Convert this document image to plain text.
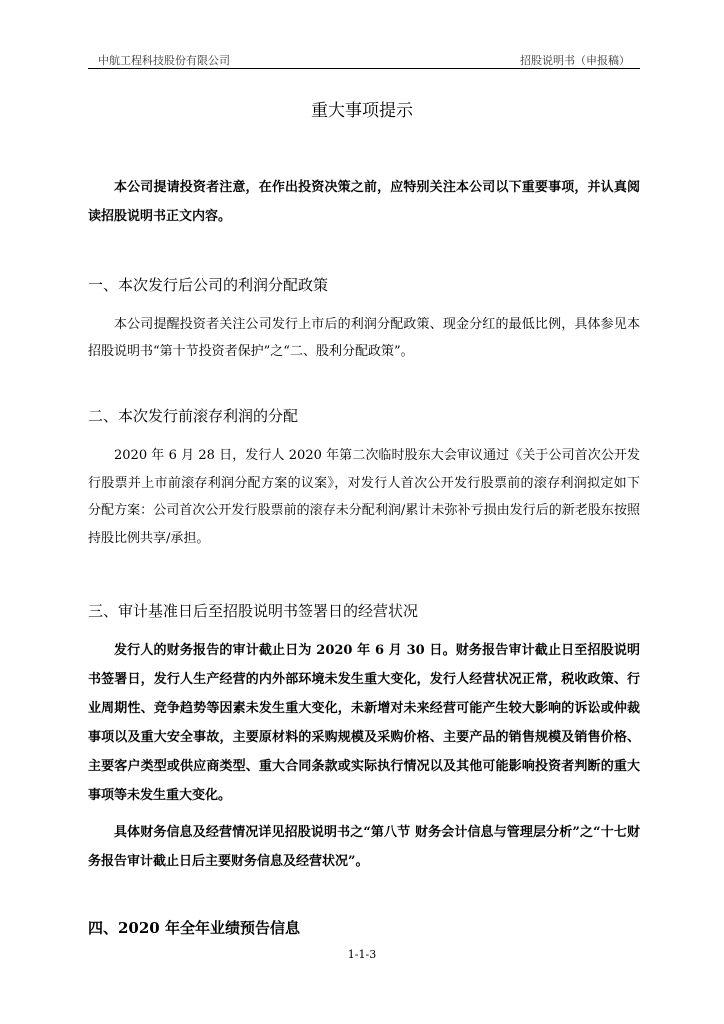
中航工程科技股份有限公司	招股说明书（申报稿）
重大事项提示

本公司提请投资者注意，在作出投资决策之前，应特别关注本公司以下重要事项，并认真阅读招股说明书正文内容。

一、本次发行后公司的利润分配政策

本公司提醒投资者关注公司发行上市后的利润分配政策、现金分红的最低比例，具体参见本招股说明书“第十节投资者保护”之“二、股利分配政策”。

二、本次发行前滚存利润的分配

2020 年 6 月 28 日，发行人 2020 年第二次临时股东大会审议通过《关于公司首次公开发行股票并上市前滚存利润分配方案的议案》，对发行人首次公开发行股票前的滚存利润拟定如下分配方案：公司首次公开发行股票前的滚存未分配利润/累计未弥补亏损由发行后的新老股东按照持股比例共享/承担。

三、审计基准日后至招股说明书签署日的经营状况

发行人的财务报告的审计截止日为 2020 年 6 月 30 日。财务报告审计截止日至招股说明书签署日，发行人生产经营的内外部环境未发生重大变化，发行人经营状况正常，税收政策、行业周期性、竞争趋势等因素未发生重大变化，未新增对未来经营可能产生较大影响的诉讼或仲裁事项以及重大安全事故，主要原材料的采购规模及采购价格、主要产品的销售规模及销售价格、主要客户类型或供应商类型、重大合同条款或实际执行情况以及其他可能影响投资者判断的重大事项等未发生重大变化。

具体财务信息及经营情况详见招股说明书之“第八节 财务会计信息与管理层分析”之“十七财务报告审计截止日后主要财务信息及经营状况”。

四、2020 年全年业绩预告信息
1-1-3
